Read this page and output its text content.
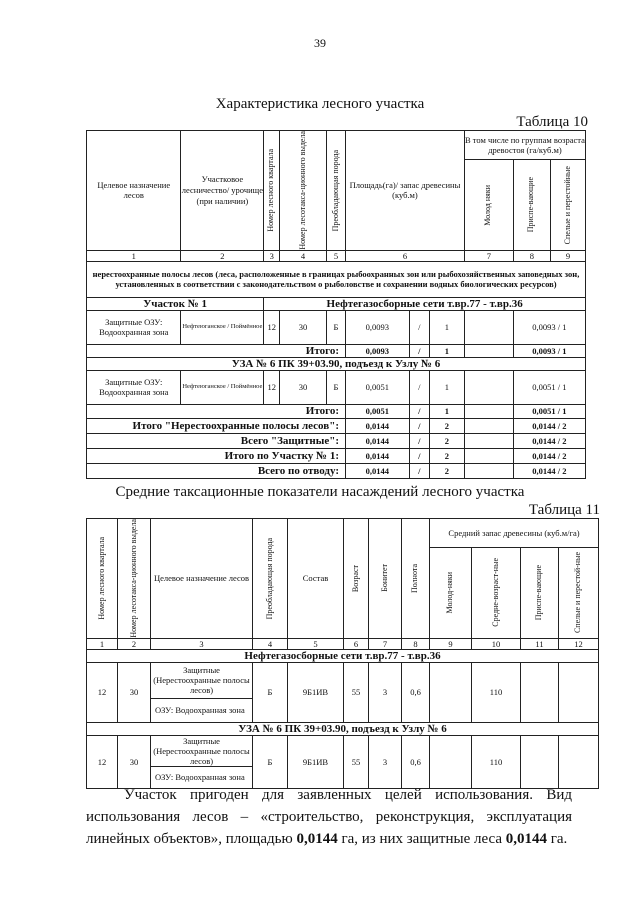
39
Характеристика лесного участка
Таблица 10
Целевое назначение лесов	Участковое лесничество/ урочище (при наличии)	Номер лесного квартала	Номер лесотакса-ционного выдела	Преобладающая порода	Площадь(га)/ запас древесины (куб.м)			В том числе по группам возраста древостоя (га/куб.м)		

								Молод няки	Приспе-вающие	Спелые и перестойные

1	2	3	4	5	6			7	8	9
нерестоохранные полосы лесов (леса, расположенные в границах рыбоохранных зон или рыбохозяйственных заповедных зон, установленных в соответствии с законодательством о рыболовстве и сохранении водных биологических ресурсов)										
Участок № 1		Нефтегазосборные сети т.вр.77 - т.вр.36								
Защитные ОЗУ: Водоохранная зона	Нефтеюганское / Поймённое	12	30	Б	0,0093	/	1		0,0093 / 1	
Итого:					0,0093	/	1		0,0093 / 1	
УЗА № 6 ПК 39+03.90, подъезд к Узлу № 6										
Защитные ОЗУ: Водоохранная зона	Нефтеюганское / Поймённое	12	30	Б	0,0051	/	1		0,0051 / 1	
Итого:					0,0051	/	1		0,0051 / 1	
Итого "Нерестоохранные полосы лесов":					0,0144	/	2		0,0144 / 2	
Всего "Защитные":					0,0144	/	2		0,0144 / 2	
Итого по Участку № 1:					0,0144	/	2		0,0144 / 2	
Всего по отводу:					0,0144	/	2		0,0144 / 2	
Средние таксационные показатели насаждений лесного участка
Таблица 11
Номер лесного квартала	Номер лесотакса-ционного выдела	Целевое назначение лесов	Преобладающая порода	Состав	Возраст	Бонитет	Полнота	Средний запас древесины (куб.м/га)			

								Молод-няки	Средне-возраст-ные	Приспе-вающие	Спелые и перестой-ные

1	2	3	4	5	6	7	8	9	10	11	12
Нефтегазосборные сети т.вр.77 - т.вр.36											
12	30	Защитные (Нерестоохранные полосы лесов)	Б	9Б1ИВ	55	3	0,6		110		
		ОЗУ: Водоохранная зона									
УЗА № 6 ПК 39+03.90, подъезд к Узлу № 6											
12	30	Защитные (Нерестоохранные полосы лесов)	Б	9Б1ИВ	55	3	0,6		110		
		ОЗУ: Водоохранная зона									
Участок пригоден для заявленных целей использования. Вид использования лесов – «строительство, реконструкция, эксплуатация линейных объектов», площадью 0,0144 га, из них защитные леса 0,0144 га.
